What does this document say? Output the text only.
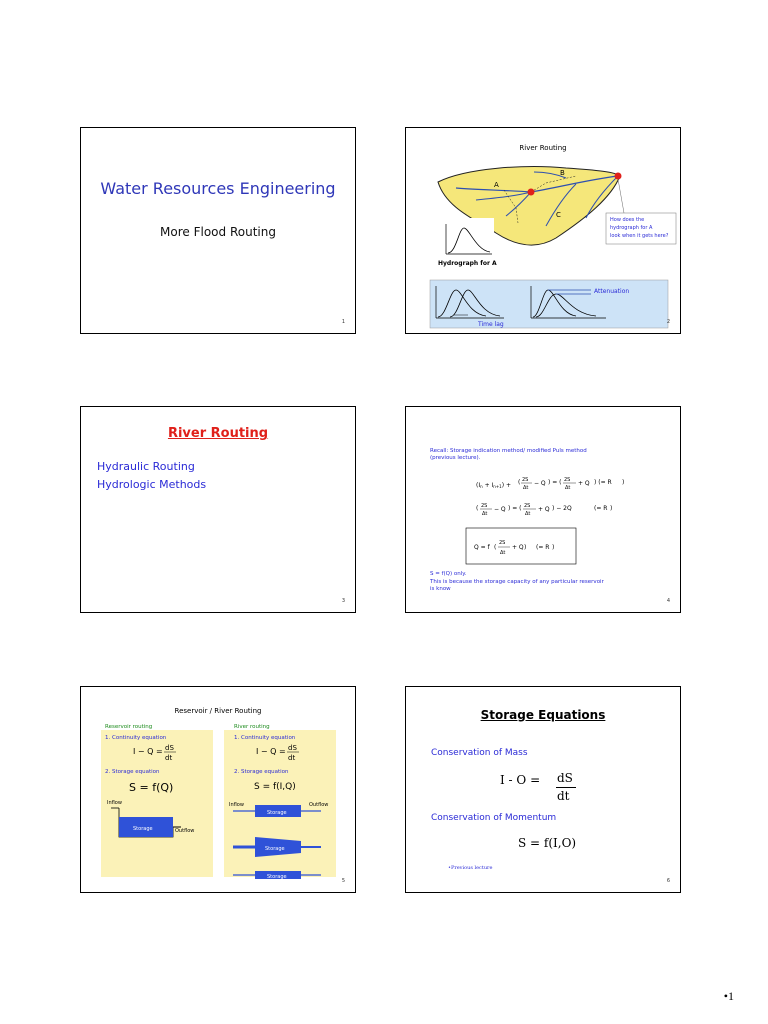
Water Resources Engineering
More Flood Routing
1
River Routing
A
B
C
How does the
hydrograph for A
look when it gets here?
Hydrograph for A
Attenuation
Time lag	2
River Routing
Hydraulic Routing
Hydrologic Methods
3
Recall: Storage indication method/ modified Puls method
(previous lecture).
(In + In+1) + ( 2S
Δt
− Q ) = ( 2S
Δt
+ Q ) (= R )
( 2S
Δt
− Q ) = ( 2S
Δt
+ Q ) − 2Q	(= R )
Q = f (
2S
Δt
+ Q ) (= R )
S = f(Q) only.
This is because the storage capacity of any particular reservoir
is know
4
Reservoir / River Routing
Reservoir routing
1. Continuity equation
2. Storage equation
S = f(Q)
River routing
1. Continuity equation
2. Storage equation
S = f(I,Q)
I − Q = dS
dt
I − Q = dS
dt
Inflow
Storage	Outflow
Inflow	Outflow
Storage
Storage
Storage
5
Storage Equations
Conservation of Mass
I - O = dS
dt
Conservation of Momentum
S = f(I,O)
•Previous lecture
6
•1
